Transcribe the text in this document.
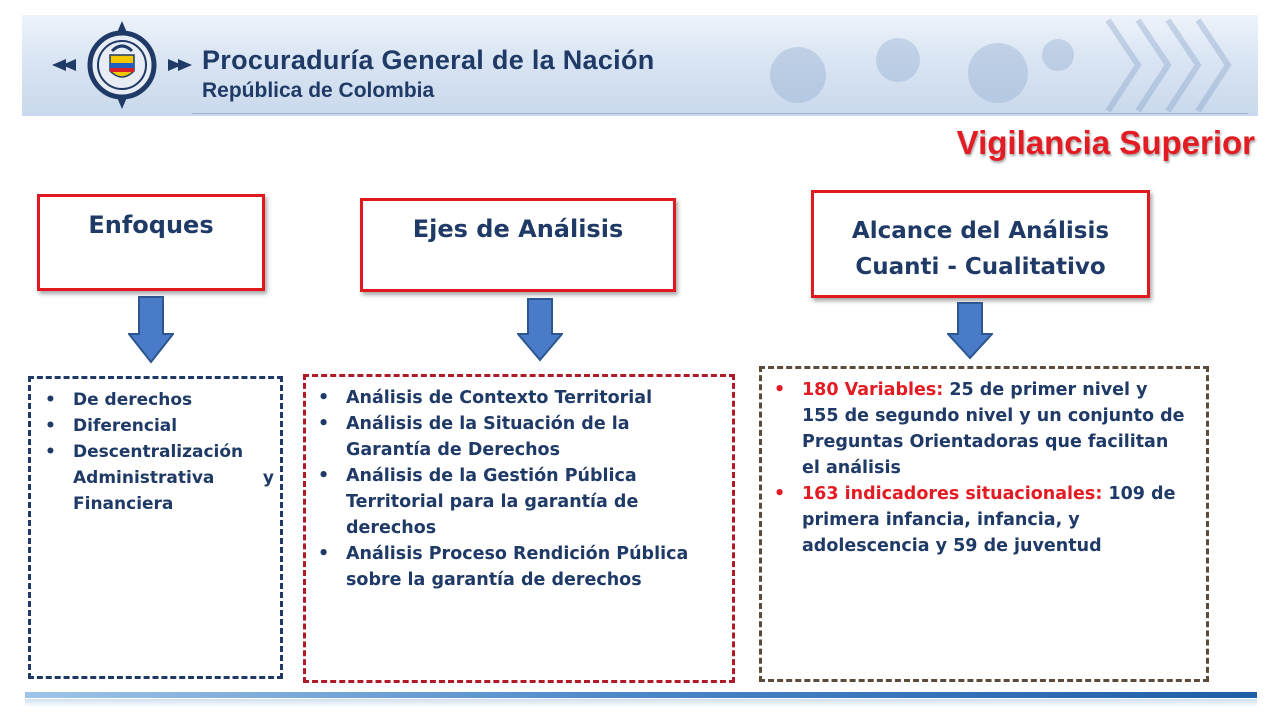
Procuraduría General de la Nación
República de Colombia
Vigilancia Superior
Enfoques	Ejes de Análisis	Alcance del Análisis
Cuanti - Cualitativo
• De derechos
• Diferencial
• Descentralización

Administrativa y Financiera
• Análisis de Contexto Territorial
• Análisis de la Situación de la Garantía de Derechos
• Análisis de la Gestión Pública Territorial para la garantía de derechos
• Análisis Proceso Rendición Pública sobre la garantía de derechos
• 180 Variables: 25 de primer nivel y 155 de segundo nivel y un conjunto de Preguntas Orientadoras que facilitan el análisis
• 163 indicadores situacionales: 109 de primera infancia, infancia, y adolescencia y 59 de juventud
